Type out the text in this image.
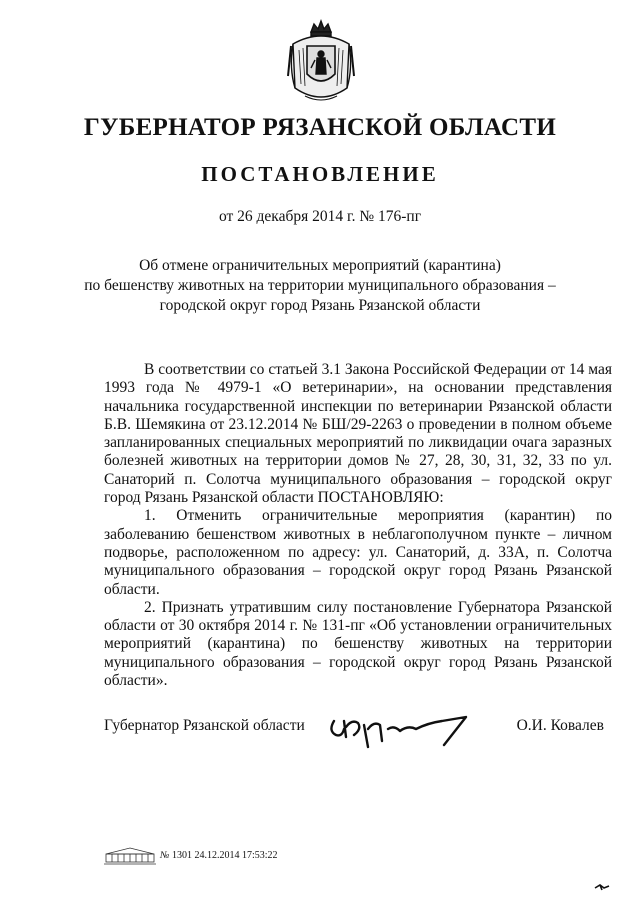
ГУБЕРНАТОР РЯЗАНСКОЙ ОБЛАСТИ
ПОСТАНОВЛЕНИЕ
от 26 декабря 2014 г. № 176-пг
Об отмене ограничительных мероприятий (карантина)
по бешенству животных на территории муниципального образования –
городской округ город Рязань Рязанской области

В соответствии со статьей 3.1 Закона Российской Федерации от 14 мая 1993 года № 4979-1 «О ветеринарии», на основании представления начальника государственной инспекции по ветеринарии Рязанской области Б.В. Шемякина от 23.12.2014 № БШ/29-2263 о проведении в полном объеме запланированных специальных мероприятий по ликвидации очага заразных болезней животных на территории домов № 27, 28, 30, 31, 32, 33 по ул. Санаторий п. Солотча муниципального образования – городской округ город Рязань Рязанской области ПОСТАНОВЛЯЮ:

1. Отменить ограничительные мероприятия (карантин) по заболеванию бешенством животных в неблагополучном пункте – личном подворье, расположенном по адресу: ул. Санаторий, д. 33А, п. Солотча муниципального образования – городской округ город Рязань Рязанской области.

2. Признать утратившим силу постановление Губернатора Рязанской области от 30 октября 2014 г. № 131-пг «Об установлении ограничительных мероприятий (карантина) по бешенству животных на территории муниципального образования – городской округ город Рязань Рязанской области».

Губернатор Рязанской области	О.И. Ковалев
№ 1301 24.12.2014 17:53:22
